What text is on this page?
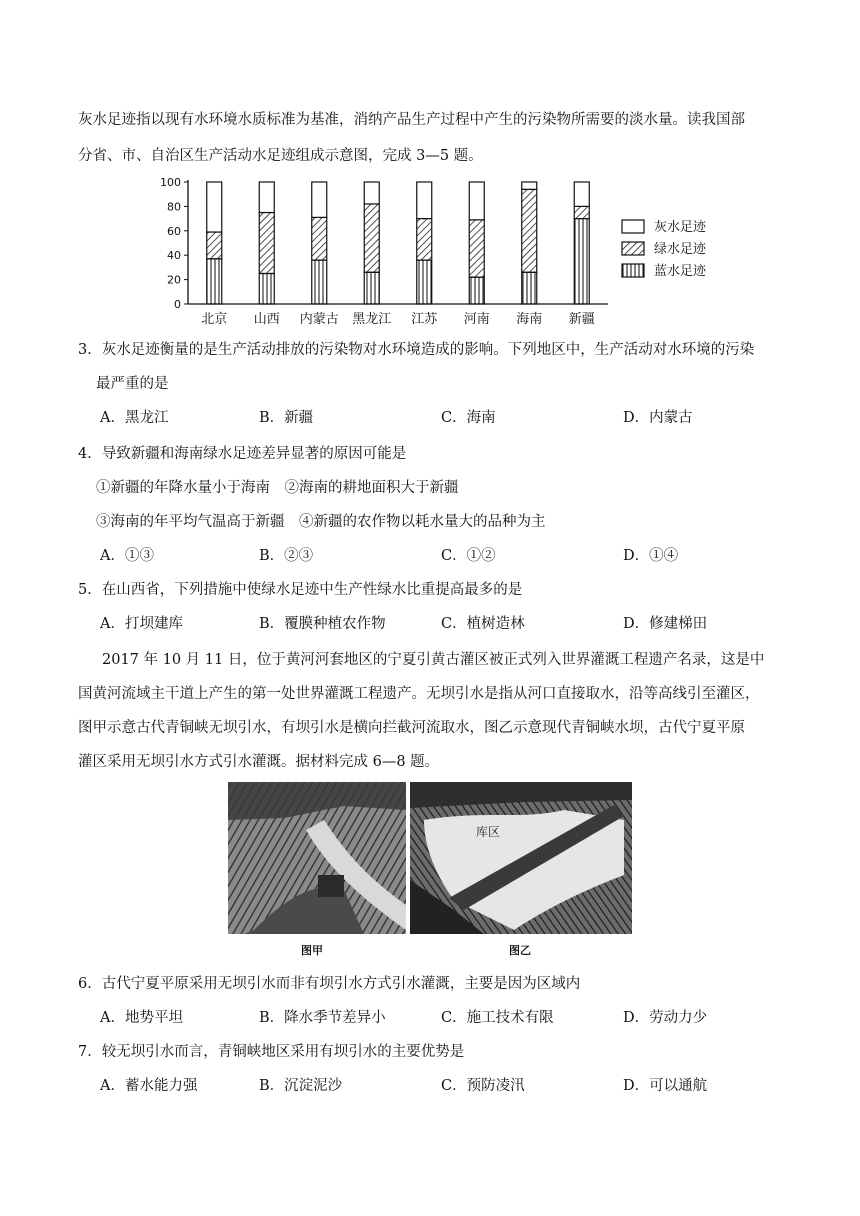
灰水足迹指以现有水环境水质标准为基准，消纳产品生产过程中产生的污染物所需要的淡水量。读我国部
分省、市、自治区生产活动水足迹组成示意图，完成 3—5 题。
0
20
40
60
80
100
北京 山西 内蒙古 黑龙江 江苏 河南 海南 新疆
灰水足迹
绿水足迹
蓝水足迹
3．灰水足迹衡量的是生产活动排放的污染物对水环境造成的影响。下列地区中，生产活动对水环境的污染
最严重的是
A．黑龙江	B．新疆	C．海南	D．内蒙古
4．导致新疆和海南绿水足迹差异显著的原因可能是
①新疆的年降水量小于海南　②海南的耕地面积大于新疆
③海南的年平均气温高于新疆　④新疆的农作物以耗水量大的品种为主
A．①③	B．②③	C．①②	D．①④
5．在山西省，下列措施中使绿水足迹中生产性绿水比重提高最多的是
A．打坝建库	B．覆膜种植农作物	C．植树造林	D．修建梯田
2017 年 10 月 11 日，位于黄河河套地区的宁夏引黄古灌区被正式列入世界灌溉工程遗产名录，这是中
国黄河流域主干道上产生的第一处世界灌溉工程遗产。无坝引水是指从河口直接取水，沿等高线引至灌区，
图甲示意古代青铜峡无坝引水，有坝引水是横向拦截河流取水，图乙示意现代青铜峡水坝，古代宁夏平原
灌区采用无坝引水方式引水灌溉。据材料完成 6—8 题。
库区
图甲	图乙
6．古代宁夏平原采用无坝引水而非有坝引水方式引水灌溉，主要是因为区域内
A．地势平坦	B．降水季节差异小	C．施工技术有限	D．劳动力少
7．较无坝引水而言，青铜峡地区采用有坝引水的主要优势是
A．蓄水能力强	B．沉淀泥沙	C．预防凌汛	D．可以通航
